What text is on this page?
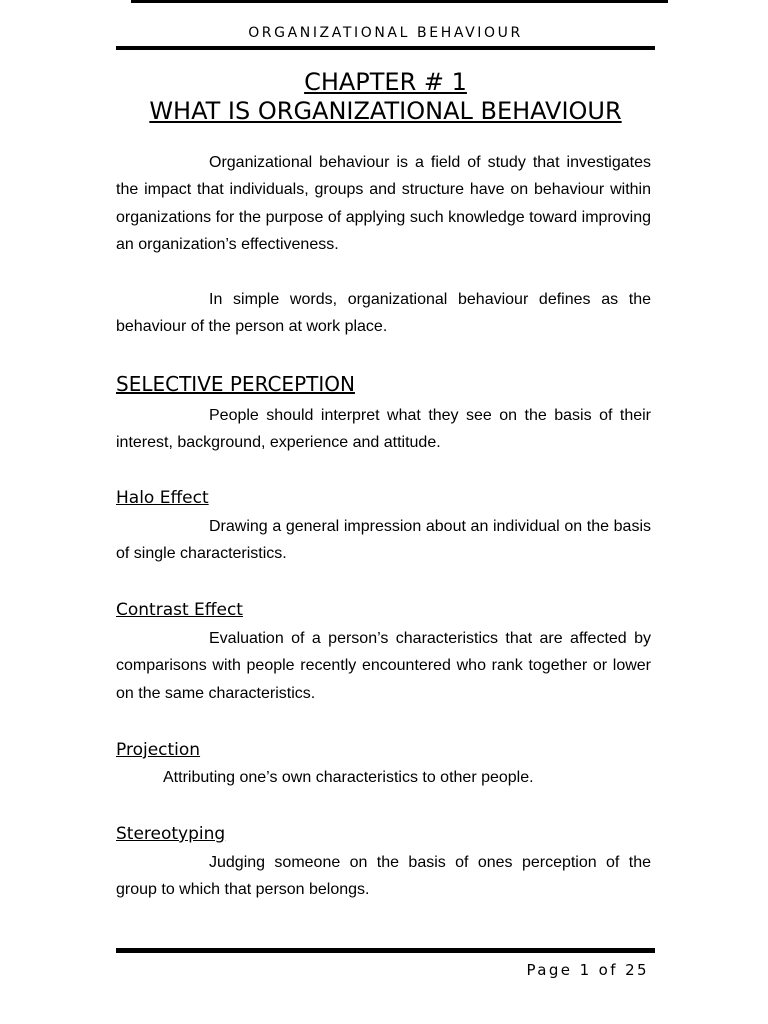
ORGANIZATIONAL BEHAVIOUR
CHAPTER # 1
WHAT IS ORGANIZATIONAL BEHAVIOUR

Organizational behaviour is a field of study that investigates the impact that individuals, groups and structure have on behaviour within organizations for the purpose of applying such knowledge toward improving an organization’s effectiveness.

In simple words, organizational behaviour defines as the behaviour of the person at work place.

SELECTIVE PERCEPTION

People should interpret what they see on the basis of their interest, background, experience and attitude.

Halo Effect

Drawing a general impression about an individual on the basis of single characteristics.

Contrast Effect

Evaluation of a person’s characteristics that are affected by comparisons with people recently encountered who rank together or lower on the same characteristics.

Projection

Attributing one’s own characteristics to other people.

Stereotyping

Judging someone on the basis of ones perception of the group to which that person belongs.

Page 1 of 25
